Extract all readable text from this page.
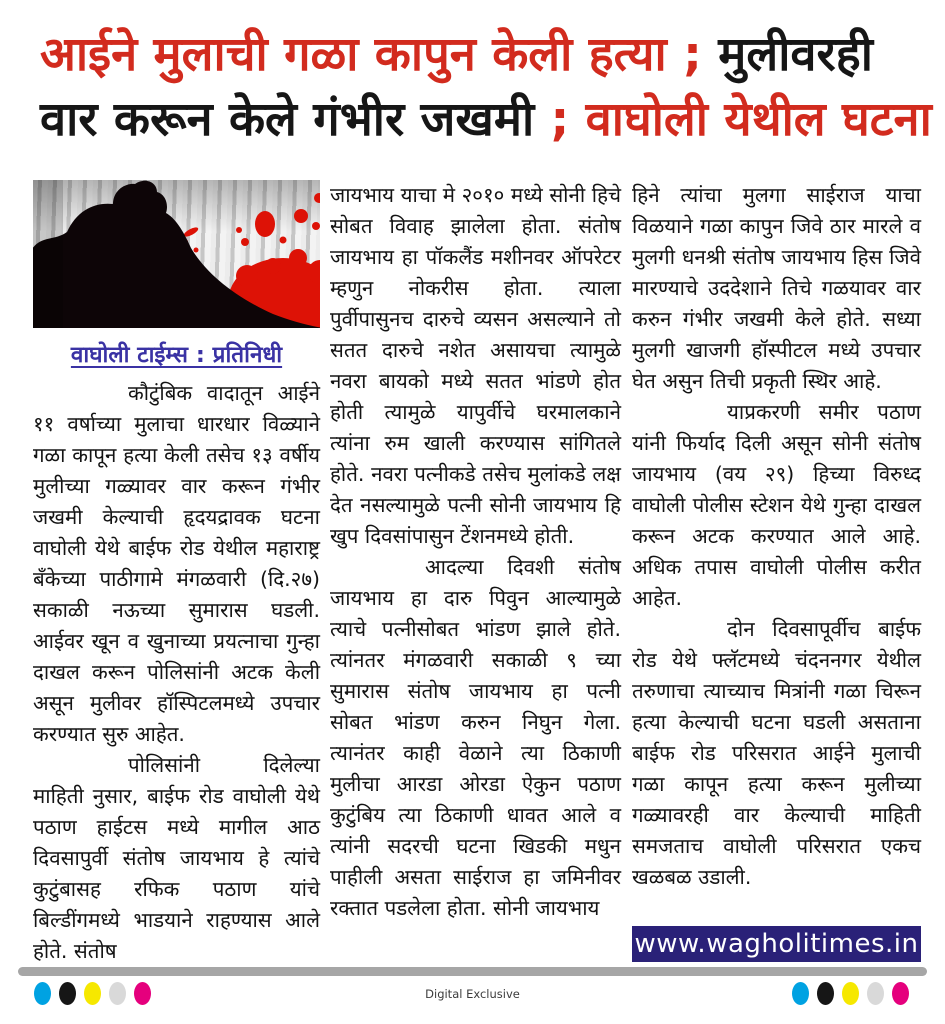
आईने मुलाची गळा कापुन केली हत्या ; मुलीवरही
वार करून केले गंभीर जखमी ; वाघोली येथील घटना
वाघोली टाईम्स : प्रतिनिधी

कौटुंबिक वादातून आईने ११ वर्षाच्या मुलाचा धारधार विळ्याने गळा कापून हत्या केली तसेच १३ वर्षीय मुलीच्या गळ्यावर वार करून गंभीर जखमी केल्याची हृदयद्रावक घटना वाघोली येथे बाईफ रोड येथील महाराष्ट्र बँकेच्या पाठीगामे मंगळवारी (दि.२७) सकाळी नऊच्या सुमारास घडली. आईवर खून व खुनाच्या प्रयत्नाचा गुन्हा दाखल करून पोलिसांनी अटक केली असून मुलीवर हॉस्पिटलमध्ये उपचार करण्यात सुरु आहेत.

पोलिसांनी दिलेल्या माहिती नुसार, बाईफ रोड वाघोली येथे पठाण हाईटस मध्ये मागील आठ दिवसापुर्वी संतोष जायभाय हे त्यांचे कुटुंबासह रफिक पठाण यांचे बिल्डींगमध्ये भाडयाने राहण्यास आले होते. संतोष

जायभाय याचा मे २०१० मध्ये सोनी हिचे सोबत विवाह झालेला होता. संतोष जायभाय हा पॉकलैंड मशीनवर ऑपरेटर म्हणुन नोकरीस होता. त्याला पुर्वीपासुनच दारुचे व्यसन असल्याने तो सतत दारुचे नशेत असायचा त्यामुळे नवरा बायको मध्ये सतत भांडणे होत होती त्यामुळे यापुर्वीचे घरमालकाने त्यांना रुम खाली करण्यास सांगितले होते. नवरा पत्नीकडे तसेच मुलांकडे लक्ष देत नसल्यामुळे पत्नी सोनी जायभाय हि खुप दिवसांपासुन टेंशनमध्ये होती.

आदल्या दिवशी संतोष जायभाय हा दारु पिवुन आल्यामुळे त्याचे पत्नीसोबत भांडण झाले होते. त्यांनतर मंगळवारी सकाळी ९ च्या सुमारास संतोष जायभाय हा पत्नी सोबत भांडण करुन निघुन गेला. त्यानंतर काही वेळाने त्या ठिकाणी मुलीचा आरडा ओरडा ऐकुन पठाण कुटुंबिय त्या ठिकाणी धावत आले व त्यांनी सदरची घटना खिडकी मधुन पाहीली असता साईराज हा जमिनीवर रक्तात पडलेला होता. सोनी जायभाय

हिने त्यांचा मुलगा साईराज याचा विळयाने गळा कापुन जिवे ठार मारले व मुलगी धनश्री संतोष जायभाय हिस जिवे मारण्याचे उददेशाने तिचे गळयावर वार करुन गंभीर जखमी केले होते. सध्या मुलगी खाजगी हॉस्पीटल मध्ये उपचार घेत असुन तिची प्रकृती स्थिर आहे.

याप्रकरणी समीर पठाण यांनी फिर्याद दिली असून सोनी संतोष जायभाय (वय २९) हिच्या विरुध्द वाघोली पोलीस स्टेशन येथे गुन्हा दाखल करून अटक करण्यात आले आहे. अधिक तपास वाघोली पोलीस करीत आहेत.

दोन दिवसापूर्वीच बाईफ रोड येथे फ्लॅटमध्ये चंदननगर येथील तरुणाचा त्याच्याच मित्रांनी गळा चिरून हत्या केल्याची घटना घडली असताना बाईफ रोड परिसरात आईने मुलाची गळा कापून हत्या करून मुलीच्या गळ्यावरही वार केल्याची माहिती समजताच वाघोली परिसरात एकच खळबळ उडाली.

www.wagholitimes.in
Digital Exclusive
